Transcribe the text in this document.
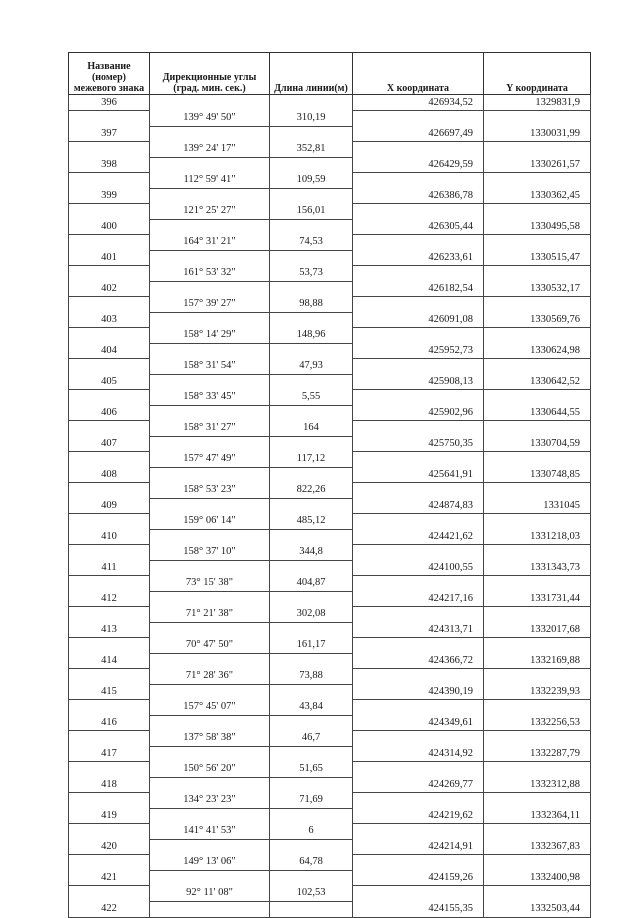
Название (номер) межевого знака	Дирекционные углы (град. мин. сек.)	Длина линии(м)	X координата	Y координата
396			426934,52	1329831,9
	139° 49' 50"	310,19		
397			426697,49	1330031,99
	139° 24' 17"	352,81		
398			426429,59	1330261,57
	112° 59' 41"	109,59		
399			426386,78	1330362,45
	121° 25' 27"	156,01		
400			426305,44	1330495,58
	164° 31' 21"	74,53		
401			426233,61	1330515,47
	161° 53' 32"	53,73		
402			426182,54	1330532,17
	157° 39' 27"	98,88		
403			426091,08	1330569,76
	158° 14' 29"	148,96		
404			425952,73	1330624,98
	158° 31' 54"	47,93		
405			425908,13	1330642,52
	158° 33' 45"	5,55		
406			425902,96	1330644,55
	158° 31' 27"	164		
407			425750,35	1330704,59
	157° 47' 49"	117,12		
408			425641,91	1330748,85
	158° 53' 23"	822,26		
409			424874,83	1331045
	159° 06' 14"	485,12		
410			424421,62	1331218,03
	158° 37' 10"	344,8		
411			424100,55	1331343,73
	73° 15' 38"	404,87		
412			424217,16	1331731,44
	71° 21' 38"	302,08		
413			424313,71	1332017,68
	70° 47' 50"	161,17		
414			424366,72	1332169,88
	71° 28' 36"	73,88		
415			424390,19	1332239,93
	157° 45' 07"	43,84		
416			424349,61	1332256,53
	137° 58' 38"	46,7		
417			424314,92	1332287,79
	150° 56' 20"	51,65		
418			424269,77	1332312,88
	134° 23' 23"	71,69		
419			424219,62	1332364,11
	141° 41' 53"	6		
420			424214,91	1332367,83
	149° 13' 06"	64,78		
421			424159,26	1332400,98
	92° 11' 08"	102,53		
422			424155,35	1332503,44
